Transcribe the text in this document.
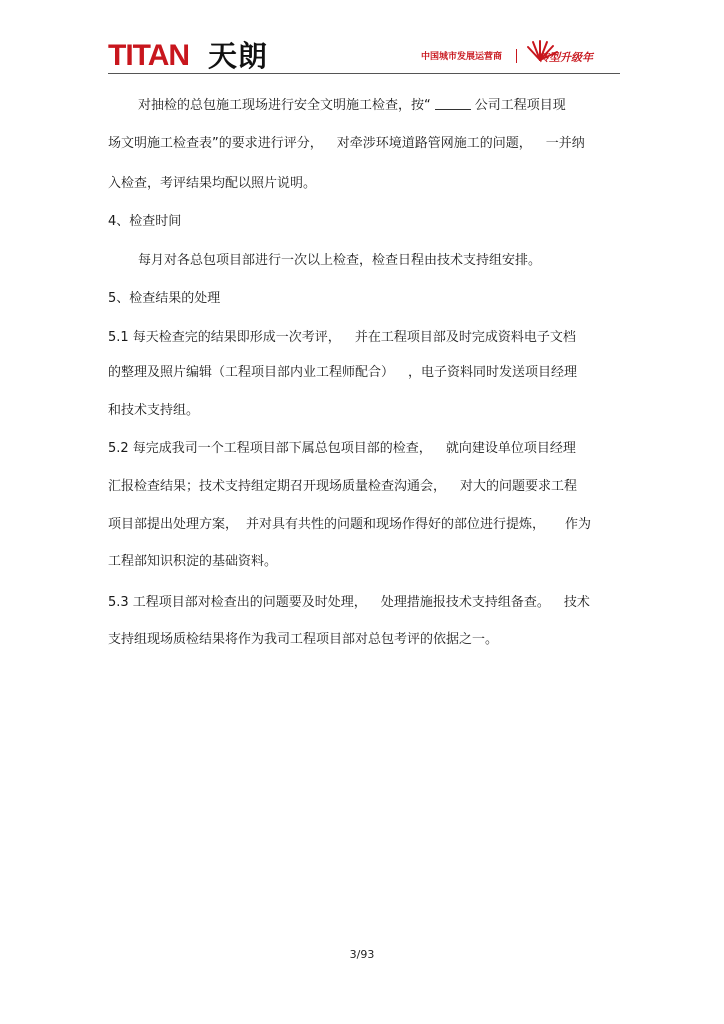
TITAN 天朗	中国城市发展运营商	转型升级年
对抽检的总包施工现场进行安全文明施工检查，按“	公司工程项目现
场文明施工检查表”的要求进行评分， 对牵涉环境道路管网施工的问题， 一并纳
入检查，考评结果均配以照片说明。
4、检查时间
每月对各总包项目部进行一次以上检查，检查日程由技术支持组安排。
5、检查结果的处理
5.1 每天检查完的结果即形成一次考评， 并在工程项目部及时完成资料电子文档
的整理及照片编辑（工程项目部内业工程师配合） ，电子资料同时发送项目经理
和技术支持组。
5.2 每完成我司一个工程项目部下属总包项目部的检查， 就向建设单位项目经理
汇报检查结果；技术支持组定期召开现场质量检查沟通会， 对大的问题要求工程
项目部提出处理方案， 并对具有共性的问题和现场作得好的部位进行提炼， 作为
工程部知识积淀的基础资料。
5.3 工程项目部对检查出的问题要及时处理， 处理措施报技术支持组备查。 技术
支持组现场质检结果将作为我司工程项目部对总包考评的依据之一。
3/93
